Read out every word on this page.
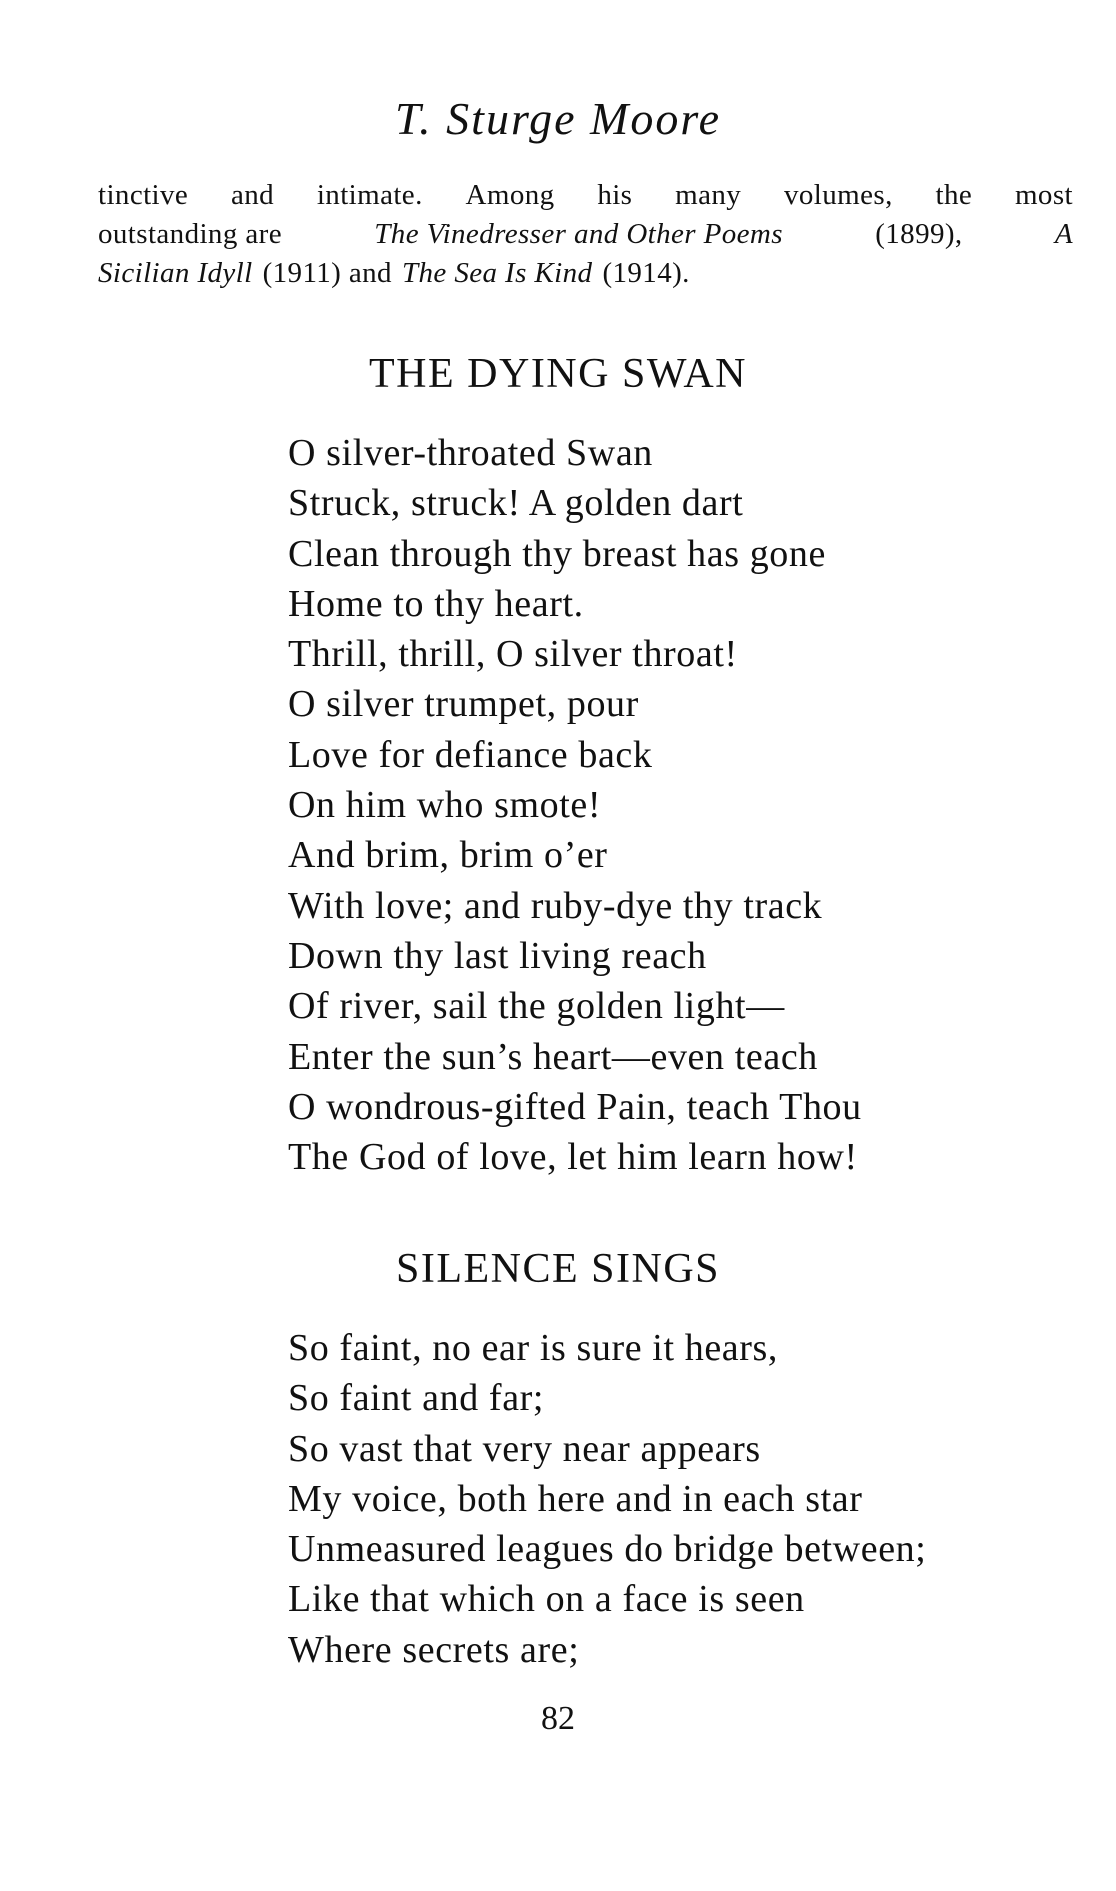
T. Sturge Moore
tinctive and intimate. Among his many volumes, the most
outstanding are	The Vinedresser and Other Poems	(1899),	A
Sicilian Idyll (1911) and The Sea Is Kind (1914).
THE DYING SWAN
O silver-throated Swan
Struck, struck! A golden dart
Clean through thy breast has gone
Home to thy heart.
Thrill, thrill, O silver throat!
O silver trumpet, pour
Love for defiance back
On him who smote!
And brim, brim o’er
With love; and ruby-dye thy track
Down thy last living reach
Of river, sail the golden light—
Enter the sun’s heart—even teach
O wondrous-gifted Pain, teach Thou
The God of love, let him learn how!
SILENCE SINGS
So faint, no ear is sure it hears,
So faint and far;
So vast that very near appears
My voice, both here and in each star
Unmeasured leagues do bridge between;
Like that which on a face is seen
Where secrets are;
82
